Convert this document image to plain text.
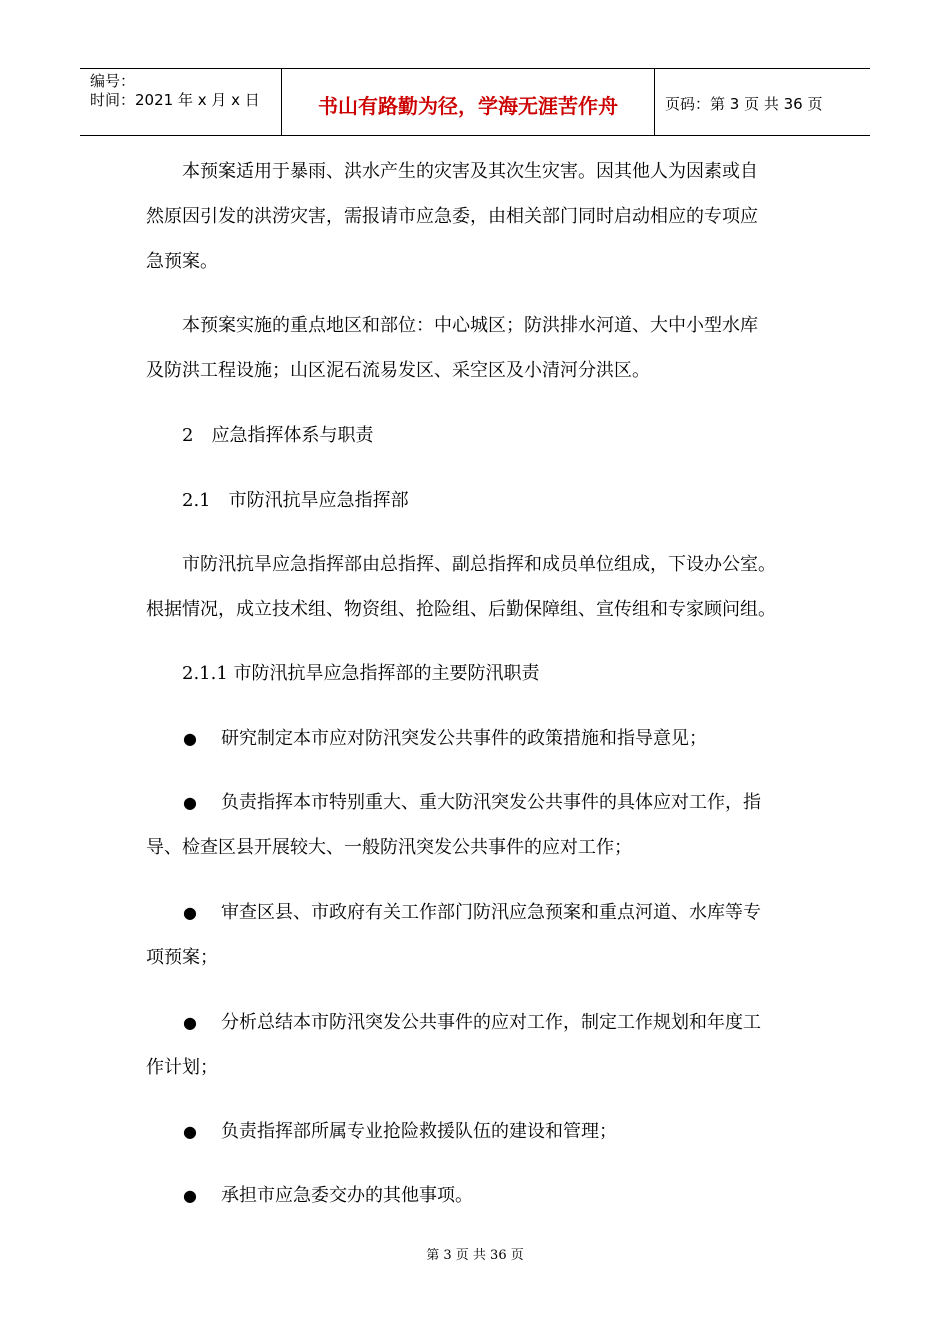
编号：
时间：2021 年 x 月 x 日	书山有路勤为径，学海无涯苦作舟	页码：第 3 页 共 36 页
本预案适用于暴雨、洪水产生的灾害及其次生灾害。因其他人为因素或自
然原因引发的洪涝灾害，需报请市应急委，由相关部门同时启动相应的专项应
急预案。
本预案实施的重点地区和部位：中心城区；防洪排水河道、大中小型水库
及防洪工程设施；山区泥石流易发区、采空区及小清河分洪区。
2　应急指挥体系与职责
2.1　市防汛抗旱应急指挥部
市防汛抗旱应急指挥部由总指挥、副总指挥和成员单位组成，下设办公室。
根据情况，成立技术组、物资组、抢险组、后勤保障组、宣传组和专家顾问组。
2.1.1 市防汛抗旱应急指挥部的主要防汛职责
● 研究制定本市应对防汛突发公共事件的政策措施和指导意见；
● 负责指挥本市特别重大、重大防汛突发公共事件的具体应对工作，指
导、检查区县开展较大、一般防汛突发公共事件的应对工作；
● 审查区县、市政府有关工作部门防汛应急预案和重点河道、水库等专
项预案；
● 分析总结本市防汛突发公共事件的应对工作，制定工作规划和年度工
作计划；
● 负责指挥部所属专业抢险救援队伍的建设和管理；
● 承担市应急委交办的其他事项。
第 3 页 共 36 页
